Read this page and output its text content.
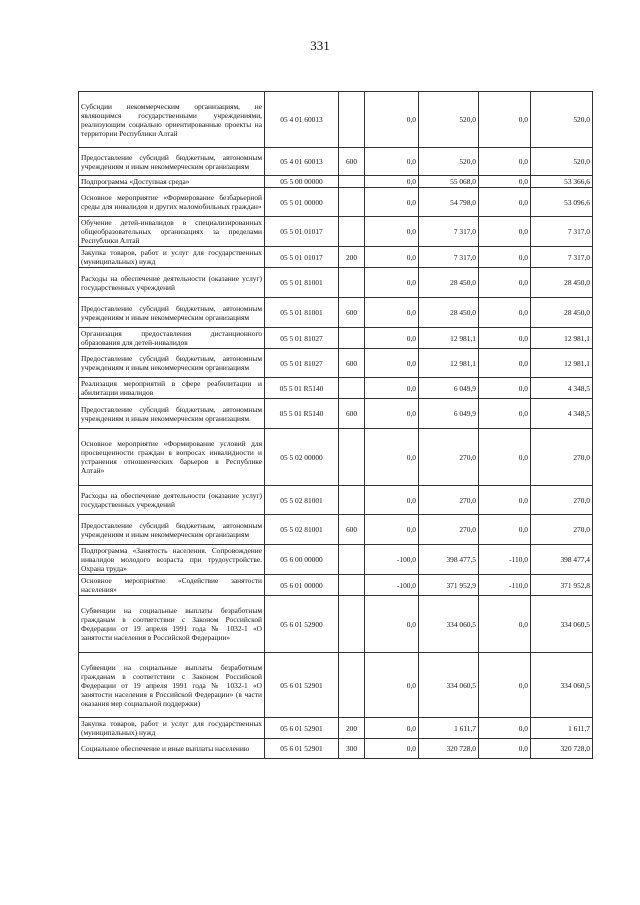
331
Субсидии некоммерческим организациям, не являющимся государственными учреждениями, реализующим социально ориентированные проекты на территории Республики Алтай	05 4 01 60013		0,0	520,0	0,0	520,0
Предоставление субсидий бюджетным, автономным учреждениям и иным некоммерческим организациям	05 4 01 60013	600	0,0	520,0	0,0	520,0
Подпрограмма «Доступная среда»	05 5 00 00000		0,0	55 068,0	0,0	53 366,6
Основное мероприятие «Формирование безбарьерной среды для инвалидов и других маломобильных граждан»	05 5 01 00000		0,0	54 798,0	0,0	53 096,6
Обучение детей-инвалидов в специализированных общеобразовательных организациях за пределами Республики Алтай	05 5 01 01017		0,0	7 317,0	0,0	7 317,0
Закупка товаров, работ и услуг для государственных (муниципальных) нужд	05 5 01 01017	200	0,0	7 317,0	0,0	7 317,0
Расходы на обеспечение деятельности (оказание услуг) государственных учреждений	05 5 01 81001		0,0	28 450,0	0,0	28 450,0
Предоставление субсидий бюджетным, автономным учреждениям и иным некоммерческим организациям	05 5 01 81001	600	0,0	28 450,0	0,0	28 450,0
Организация предоставления дистанционного образования для детей-инвалидов	05 5 01 81027		0,0	12 981,1	0,0	12 981,1
Предоставление субсидий бюджетным, автономным учреждениям и иным некоммерческим организациям	05 5 01 81027	600	0,0	12 981,1	0,0	12 981,1
Реализация мероприятий в сфере реабилитации и абилитации инвалидов	05 5 01 R5140		0,0	6 049,9	0,0	4 348,5
Предоставление субсидий бюджетным, автономным учреждениям и иным некоммерческим организациям	05 5 01 R5140	600	0,0	6 049,9	0,0	4 348,5
Основное мероприятие «Формирование условий для просвещенности граждан в вопросах инвалидности и устранения отношенческих барьеров в Республике Алтай»	05 5 02 00000		0,0	270,0	0,0	270,0
Расходы на обеспечение деятельности (оказание услуг) государственных учреждений	05 5 02 81001		0,0	270,0	0,0	270,0
Предоставление субсидий бюджетным, автономным учреждениям и иным некоммерческим организациям	05 5 02 81001	600	0,0	270,0	0,0	270,0
Подпрограмма «Занятость населения. Сопровождение инвалидов молодого возраста при трудоустройстве. Охрана труда»	05 6 00 00000		-100,0	398 477,5	-110,0	398 477,4
Основное мероприятие «Содействие занятости населения»	05 6 01 00000		-100,0	371 952,9	-110,0	371 952,8
Субвенции на социальные выплаты безработным гражданам в соответствии с Законом Российской Федерации от 19 апреля 1991 года № 1032-1 «О занятости населения в Российской Федерации»	05 6 01 52900		0,0	334 060,5	0,0	334 060,5
Субвенции на социальные выплаты безработным гражданам в соответствии с Законом Российской Федерации от 19 апреля 1991 года № 1032-1 «О занятости населения в Российской Федерации» (в части оказания мер социальной поддержки)	05 6 01 52901		0,0	334 060,5	0,0	334 060,5
Закупка товаров, работ и услуг для государственных (муниципальных) нужд	05 6 01 52901	200	0,0	1 611,7	0,0	1 611,7
Социальное обеспечение и иные выплаты населению	05 6 01 52901	300	0,0	320 728,0	0,0	320 728,0
